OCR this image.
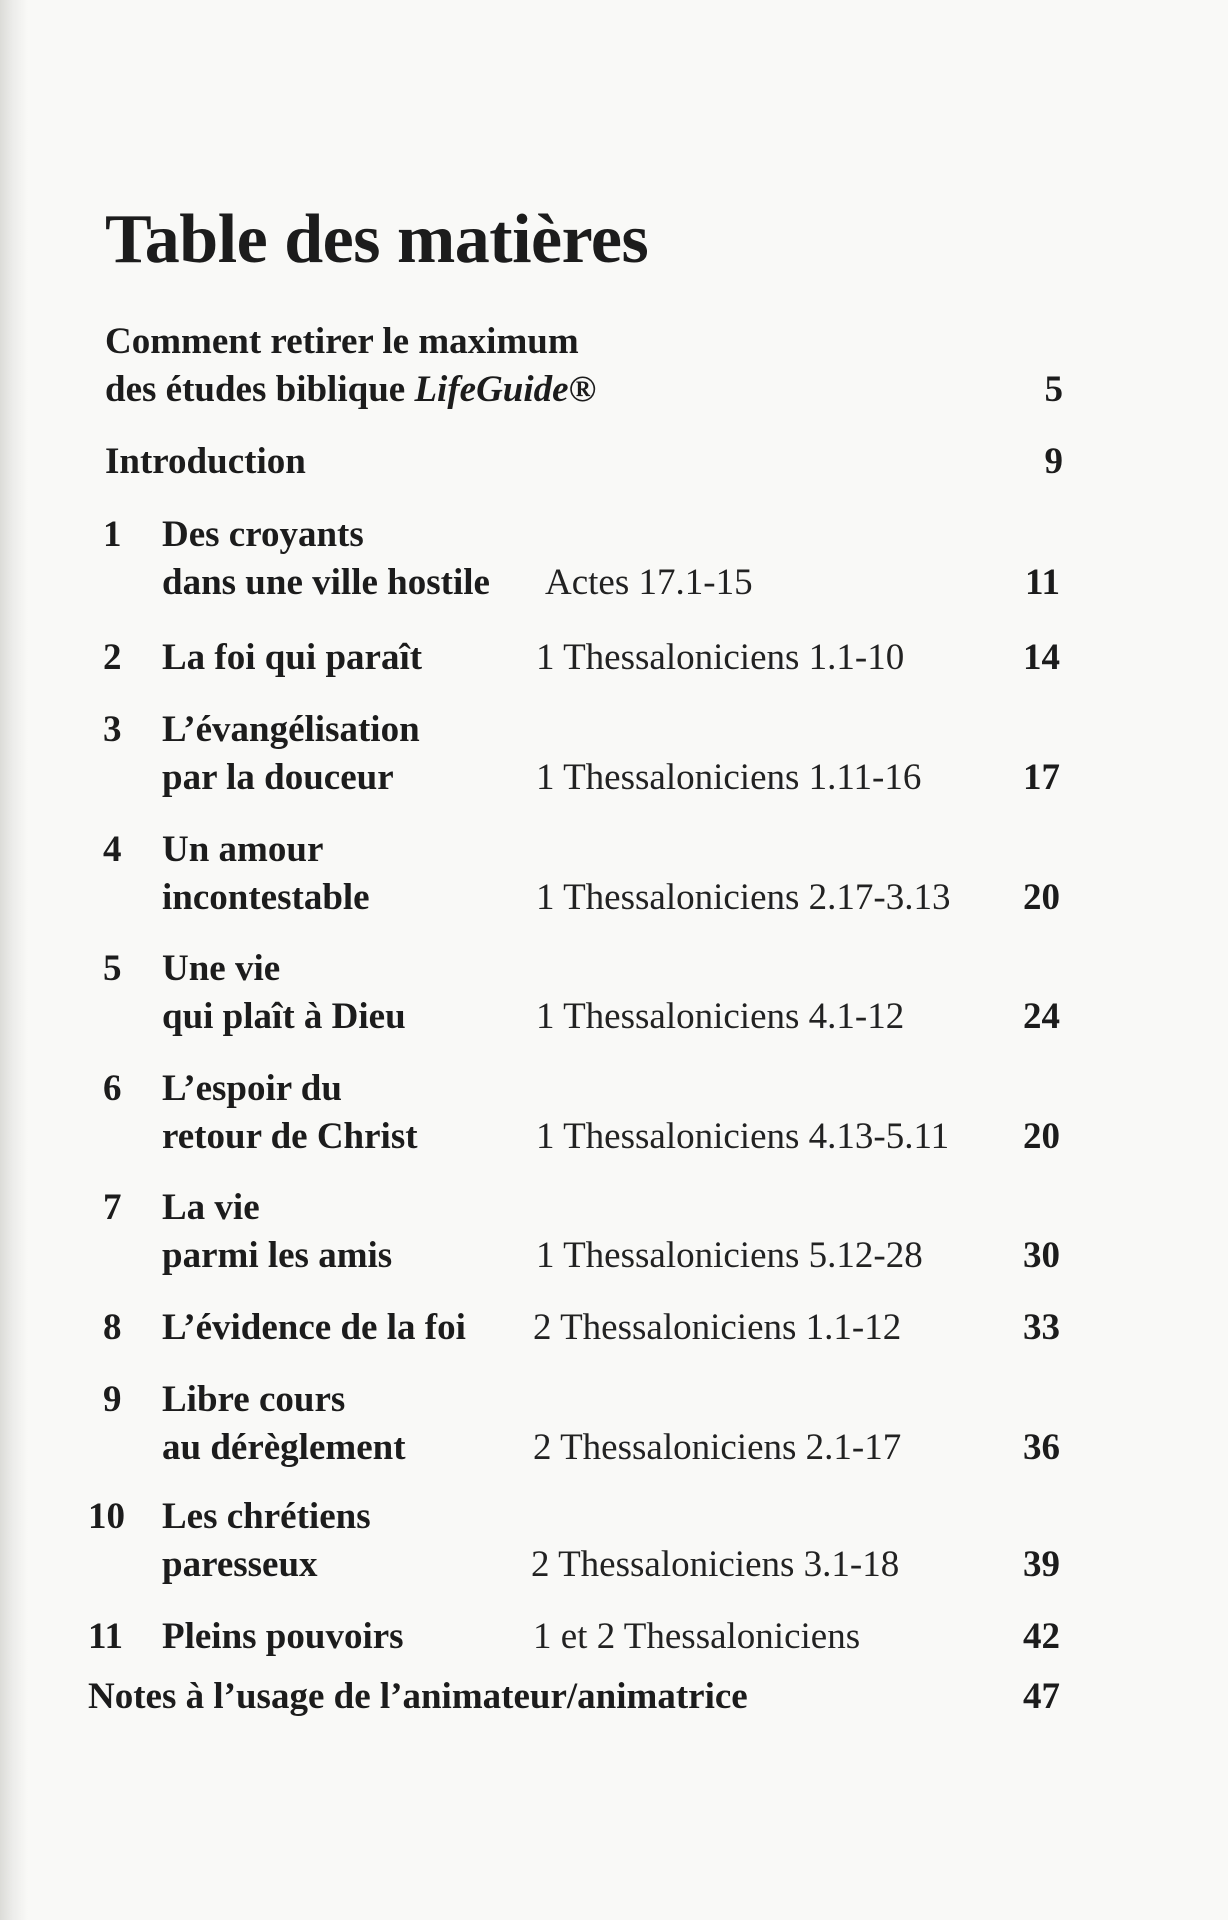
Table des matières
Comment retirer le maximum
des études biblique LifeGuide®	5
Introduction	9
1 Des croyants
dans une ville hostile Actes 17.1-15	11
2 La foi qui paraît	1 Thessaloniciens 1.1-10	14
3 L’évangélisation
par la douceur	1 Thessaloniciens 1.11-16	17
4 Un amour
incontestable	1 Thessaloniciens 2.17-3.13	20
5 Une vie
qui plaît à Dieu	1 Thessaloniciens 4.1-12	24
6 L’espoir du
retour de Christ	1 Thessaloniciens 4.13-5.11	20
7 La vie
parmi les amis	1 Thessaloniciens 5.12-28	30
8 L’évidence de la foi 2 Thessaloniciens 1.1-12	33
9 Libre cours
au dérèglement	2 Thessaloniciens 2.1-17	36
10 Les chrétiens
paresseux	2 Thessaloniciens 3.1-18	39
11 Pleins pouvoirs	1 et 2 Thessaloniciens	42
Notes à l’usage de l’animateur/animatrice	47
